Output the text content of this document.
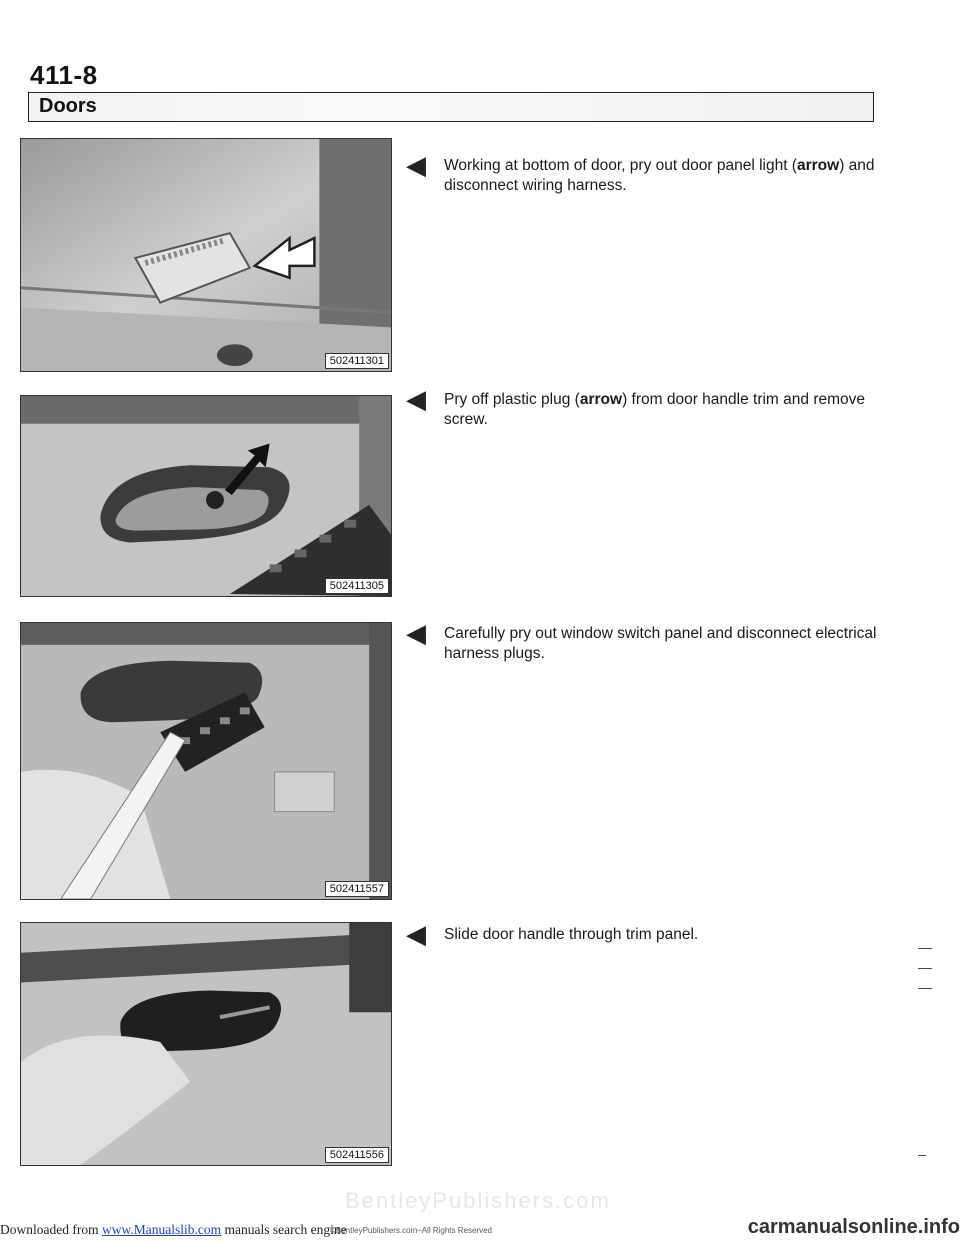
411-8
Doors
502411301
502411305
502411557
502411556
◀	Working at bottom of door, pry out door panel light (arrow) and disconnect wiring harness.
◀	Pry off plastic plug (arrow) from door handle trim and remove screw.
◀	Carefully pry out window switch panel and disconnect electrical harness plugs.
◀	Slide door handle through trim panel.
BentleyPublishers.com
Downloaded from www.Manualslib.com manuals search engine
©BentleyPublishers.com–All Rights Reserved	carmanualsonline.info
